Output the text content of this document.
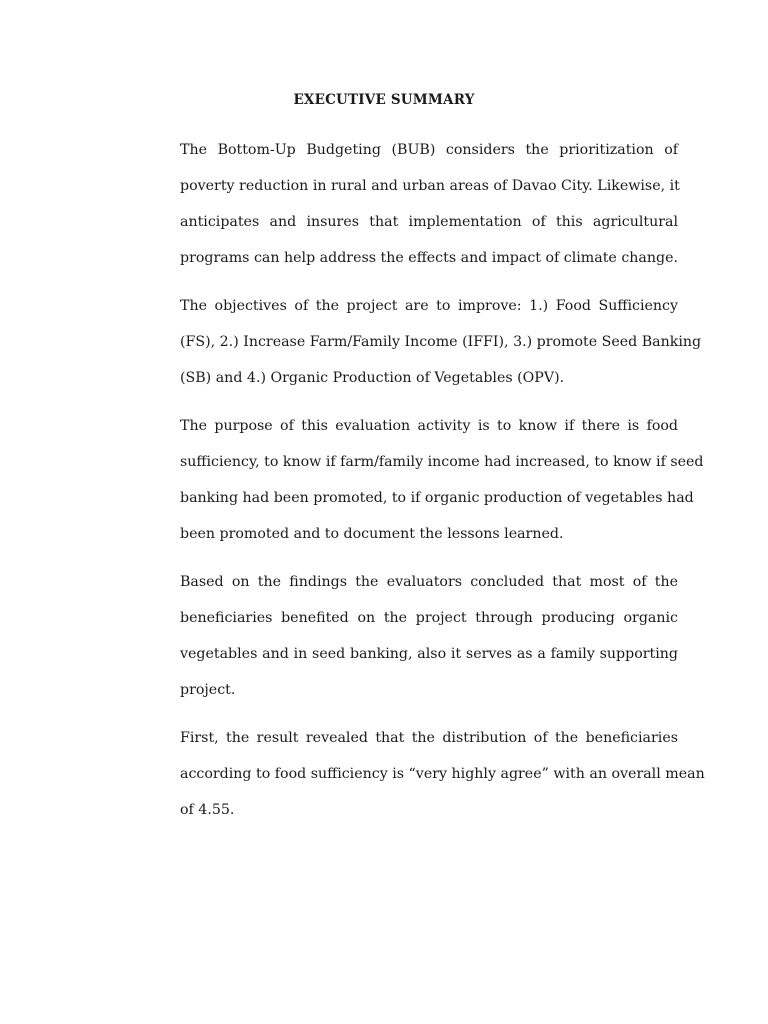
EXECUTIVE SUMMARY
The Bottom-Up Budgeting (BUB) considers the prioritization of
poverty reduction in rural and urban areas of Davao City. Likewise, it
anticipates and insures that implementation of this agricultural
programs can help address the effects and impact of climate change.
The objectives of the project are to improve: 1.) Food Sufficiency
(FS), 2.) Increase Farm/Family Income (IFFI), 3.) promote Seed Banking
(SB) and 4.) Organic Production of Vegetables (OPV).
The purpose of this evaluation activity is to know if there is food
sufficiency, to know if farm/family income had increased, to know if seed
banking had been promoted, to if organic production of vegetables had
been promoted and to document the lessons learned.
Based on the findings the evaluators concluded that most of the
beneficiaries benefited on the project through producing organic
vegetables and in seed banking, also it serves as a family supporting
project.
First, the result revealed that the distribution of the beneficiaries
according to food sufficiency is “very highly agree” with an overall mean
of 4.55.
